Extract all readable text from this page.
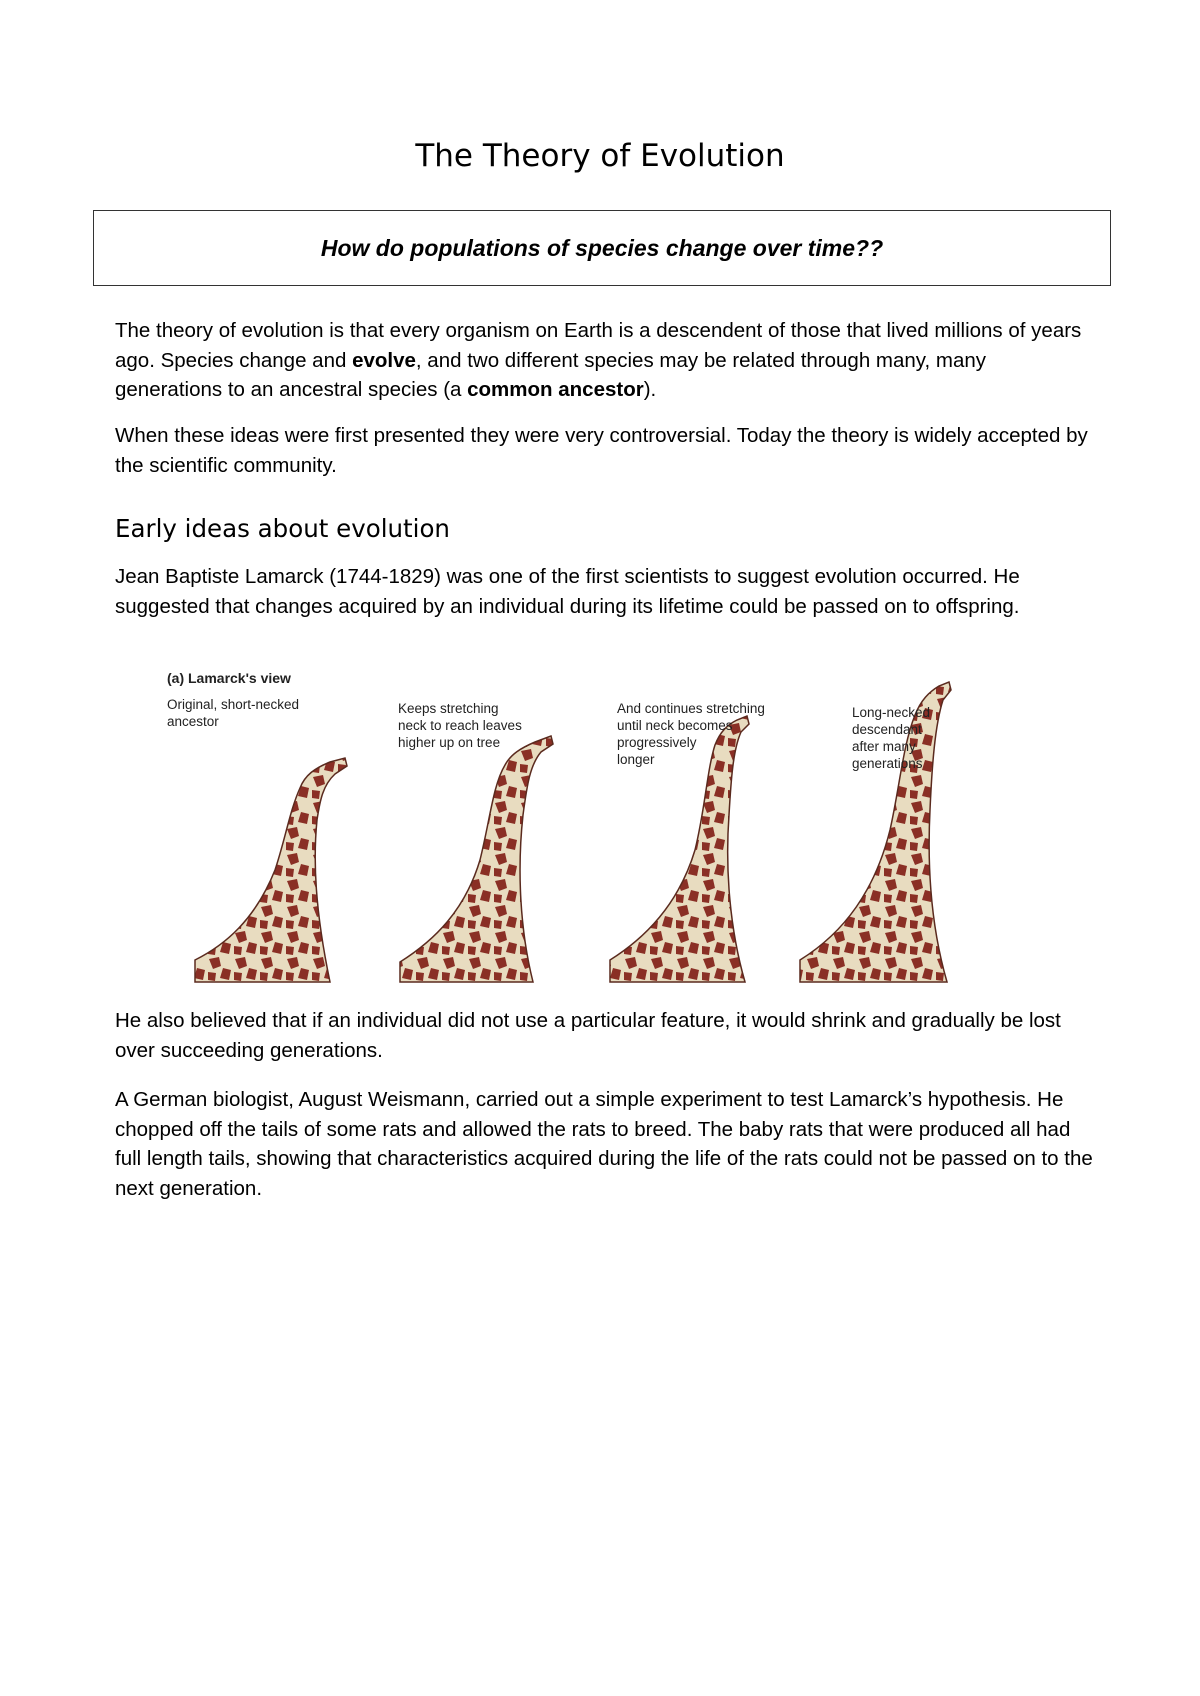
The Theory of Evolution

How do populations of species change over time??

The theory of evolution is that every organism on Earth is a descendent of those that lived millions of years ago. Species change and evolve, and two different species may be related through many, many generations to an ancestral species (a common ancestor).

When these ideas were first presented they were very controversial. Today the theory is widely accepted by the scientific community.

Early ideas about evolution

Jean Baptiste Lamarck (1744-1829) was one of the first scientists to suggest evolution occurred. He suggested that changes acquired by an individual during its lifetime could be passed on to offspring.

(a) Lamarck's view

Original, short-necked
ancestor

Keeps stretching
neck to reach leaves
higher up on tree

And continues stretching
until neck becomes
progressively
longer

Long-necked
descendant
after many
generations

He also believed that if an individual did not use a particular feature, it would shrink and gradually be lost over succeeding generations.

A German biologist, August Weismann, carried out a simple experiment to test Lamarck’s hypothesis. He chopped off the tails of some rats and allowed the rats to breed. The baby rats that were produced all had full length tails, showing that characteristics acquired during the life of the rats could not be passed on to the next generation.
